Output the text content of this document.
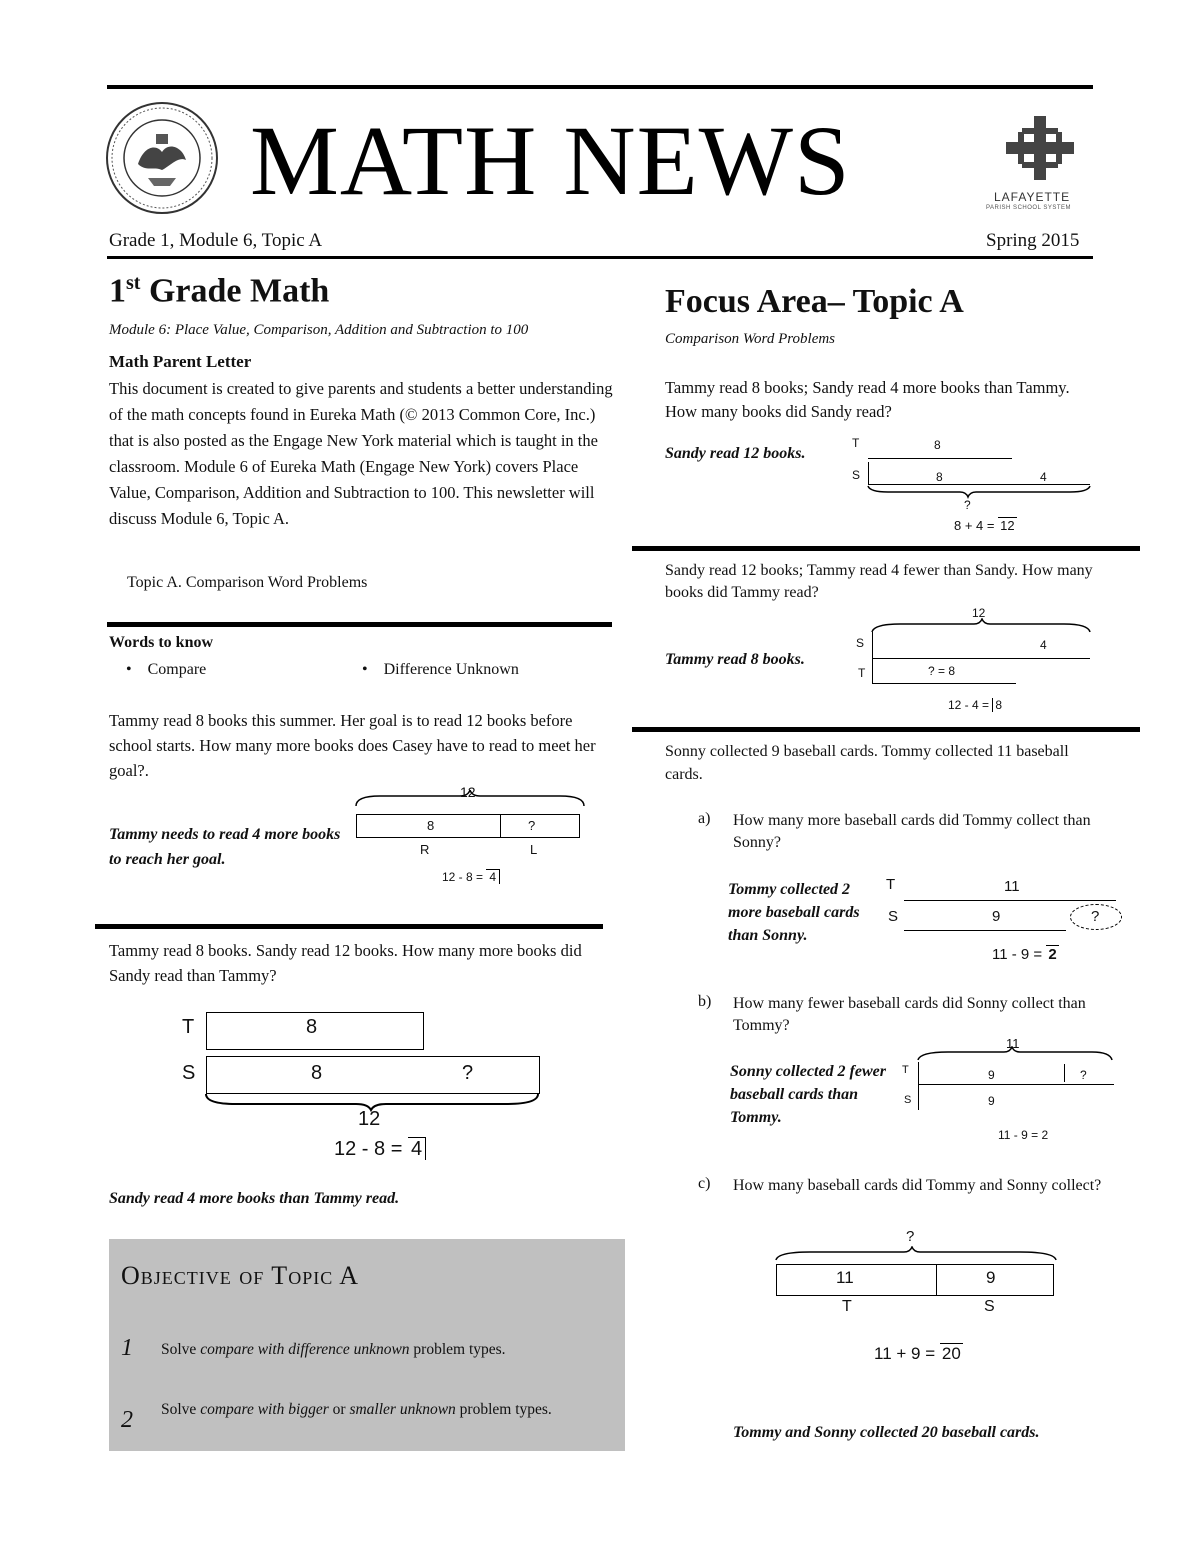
MATH NEWS	LAFAYETTE
PARISH SCHOOL SYSTEM
Grade 1, Module 6, Topic A	Spring 2015
1st Grade Math
Module 6: Place Value, Comparison, Addition and Subtraction to 100
Math Parent Letter
This document is created to give parents and students a better understanding of the math concepts found in Eureka Math (© 2013 Common Core, Inc.) that is also posted as the Engage New York material which is taught in the classroom. Module 6 of Eureka Math (Engage New York) covers Place Value, Comparison, Addition and Subtraction to 100. This newsletter will discuss Module 6, Topic A.
Topic A. Comparison Word Problems
Words to know
•    Compare	•    Difference Unknown
Tammy read 8 books this summer. Her goal is to read 12 books before school starts. How many more books does Casey have to read to meet her goal?.
Tammy needs to read 4 more books to reach her goal.
12
8	?
R	L
12 - 8 = 4
Tammy read 8 books. Sandy read 12 books. How many more books did Sandy read than Tammy?
T	8
S	8	?
12
12 - 8 = 4
Sandy read 4 more books than Tammy read.
Objective of Topic A
1 Solve compare with difference unknown problem types.
2 Solve compare with bigger or smaller unknown problem types.
Focus Area– Topic A
Comparison Word Problems
Tammy read 8 books; Sandy read 4 more books than Tammy. How many books did Sandy read?
Sandy read 12 books.
T	8
S	8	4
?
8 + 4 = 12
Sandy read 12 books; Tammy read 4 fewer than Sandy. How many books did Tammy read?
Tammy read 8 books.
12
S	4
T	? = 8
12 - 4 = 8
Sonny collected 9 baseball cards. Tommy collected 11 baseball cards.
a) How many more baseball cards did Tommy collect than Sonny?
Tommy collected 2 more baseball cards than Sonny.
T	11
S	9	?
11 - 9 = 2
b) How many fewer baseball cards did Sonny collect than Tommy?
Sonny collected 2 fewer baseball cards than Tommy.
11
T	9	?
S	9
11 - 9 = 2
c) How many baseball cards did Tommy and Sonny collect?
?
11	9
T	S
11 + 9 = 20
Tommy and Sonny collected 20 baseball cards.
